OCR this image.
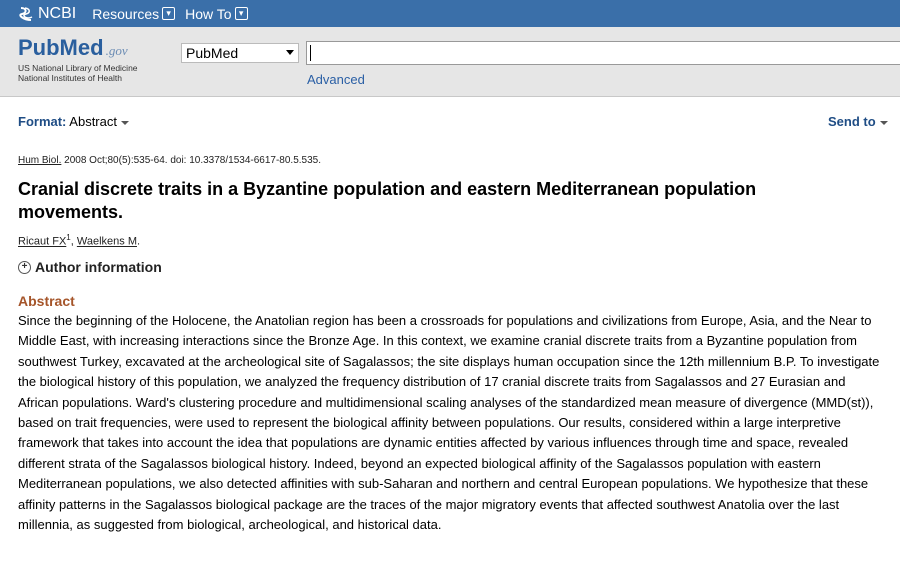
NCBI Resources ▾	How To ▾
PubMed .gov
US National Library of Medicine
National Institutes of Health
PubMed
Advanced
Format: Abstract	Send to
Hum Biol. 2008 Oct;80(5):535-64. doi: 10.3378/1534-6617-80.5.535.
Cranial discrete traits in a Byzantine population and eastern Mediterranean population movements.
Ricaut $FX^1$, Waelkens M.
+ Author information
Abstract
Since the beginning of the Holocene, the Anatolian region has been a crossroads for populations and civilizations from Europe, Asia, and the Near to Middle East, with increasing interactions since the Bronze Age. In this context, we examine cranial discrete traits from a Byzantine population from southwest Turkey, excavated at the archeological site of Sagalassos; the site displays human occupation since the 12th millennium B.P. To investigate the biological history of this population, we analyzed the frequency distribution of 17 cranial discrete traits from Sagalassos and 27 Eurasian and African populations. Ward's clustering procedure and multidimensional scaling analyses of the standardized mean measure of divergence (MMD(st)), based on trait frequencies, were used to represent the biological affinity between populations. Our results, considered within a large interpretive framework that takes into account the idea that populations are dynamic entities affected by various influences through time and space, revealed different strata of the Sagalassos biological history. Indeed, beyond an expected biological affinity of the Sagalassos population with eastern Mediterranean populations, we also detected affinities with sub-Saharan and northern and central European populations. We hypothesize that these affinity patterns in the Sagalassos biological package are the traces of the major migratory events that affected southwest Anatolia over the last millennia, as suggested from biological, archeological, and historical data.
